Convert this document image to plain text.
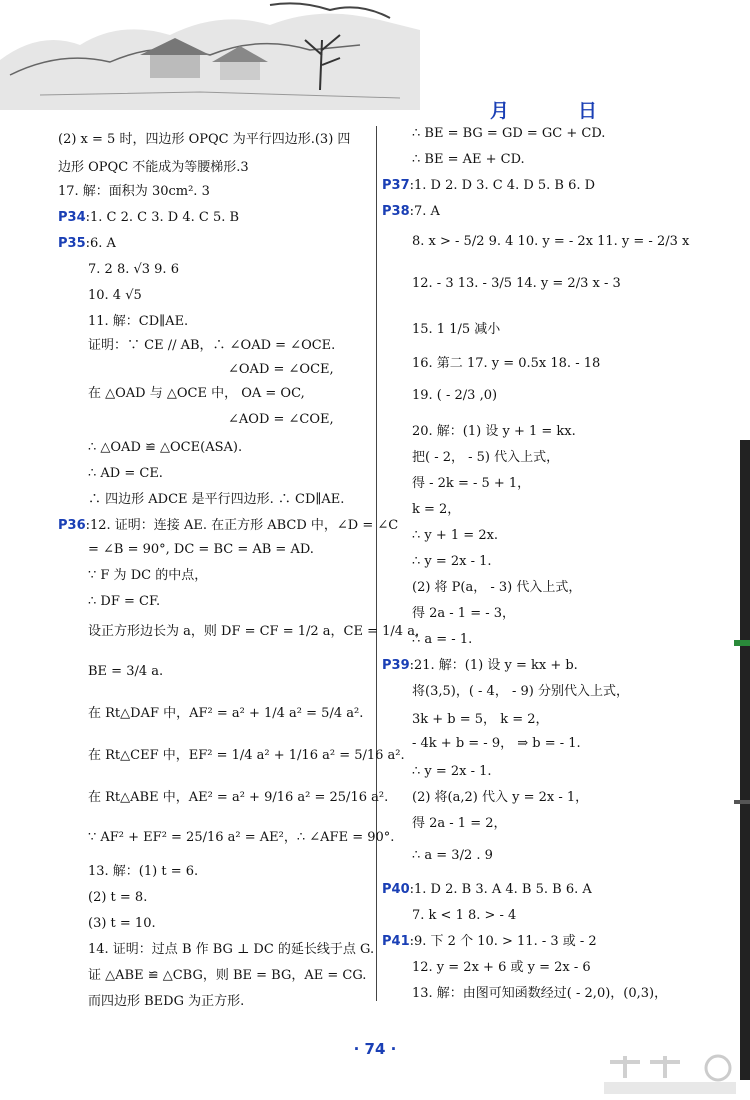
月	日
(2) x = 5 时，四边形 OPQC 为平行四边形.(3) 四
边形 OPQC 不能成为等腰梯形.3
17. 解：面积为 30cm². 3
P34:1. C 2. C 3. D 4. C 5. B
P35:6. A
7. 2 8. √3 9. 6
10. 4 √5
11. 解：CD∥AE.
证明：∵ CE // AB，∴ ∠OAD = ∠OCE.
∠OAD = ∠OCE,
在 △OAD 与 △OCE 中， OA = OC,
∠AOD = ∠COE,
∴ △OAD ≌ △OCE(ASA).
∴ AD = CE.
∴ 四边形 ADCE 是平行四边形. ∴ CD∥AE.
P36:12. 证明：连接 AE. 在正方形 ABCD 中，∠D = ∠C
= ∠B = 90°, DC = BC = AB = AD.
∵ F 为 DC 的中点，
∴ DF = CF.
设正方形边长为 a，则 DF = CF = 1/2 a，CE = 1/4 a，
BE = 3/4 a.
在 Rt△DAF 中，AF² = a² + 1/4 a² = 5/4 a².
在 Rt△CEF 中，EF² = 1/4 a² + 1/16 a² = 5/16 a².
在 Rt△ABE 中，AE² = a² + 9/16 a² = 25/16 a².
∵ AF² + EF² = 25/16 a² = AE²，∴ ∠AFE = 90°.
13. 解：(1) t = 6.
(2) t = 8.
(3) t = 10.
14. 证明：过点 B 作 BG ⊥ DC 的延长线于点 G.
证 △ABE ≌ △CBG，则 BE = BG，AE = CG.
而四边形 BEDG 为正方形.
∴ BE = BG = GD = GC + CD.
∴ BE = AE + CD.
P37:1. D 2. D 3. C 4. D 5. B 6. D
P38:7. A
8. x > - 5/2 9. 4 10. y = - 2x 11. y = - 2/3 x
12. - 3 13. - 3/5 14. y = 2/3 x - 3
15. 1 1/5 减小
16. 第二 17. y = 0.5x 18. - 18
19. ( - 2/3 ,0)
20. 解：(1) 设 y + 1 = kx.
把( - 2， - 5) 代入上式，
得 - 2k = - 5 + 1，
k = 2，
∴ y + 1 = 2x.
∴ y = 2x - 1.
(2) 将 P(a， - 3) 代入上式，
得 2a - 1 = - 3，
∴ a = - 1.
P39:21. 解：(1) 设 y = kx + b.
将(3,5)，( - 4， - 9) 分别代入上式，
3k + b = 5， k = 2，
- 4k + b = - 9， ⇒ b = - 1.
∴ y = 2x - 1.
(2) 将(a,2) 代入 y = 2x - 1，
得 2a - 1 = 2，
∴ a = 3/2 . 9
P40:1. D 2. B 3. A 4. B 5. B 6. A
7. k < 1 8. > - 4
P41:9. 下 2 个 10. > 11. - 3 或 - 2
12. y = 2x + 6 或 y = 2x - 6
13. 解：由图可知函数经过( - 2,0)，(0,3)，
· 74 ·
